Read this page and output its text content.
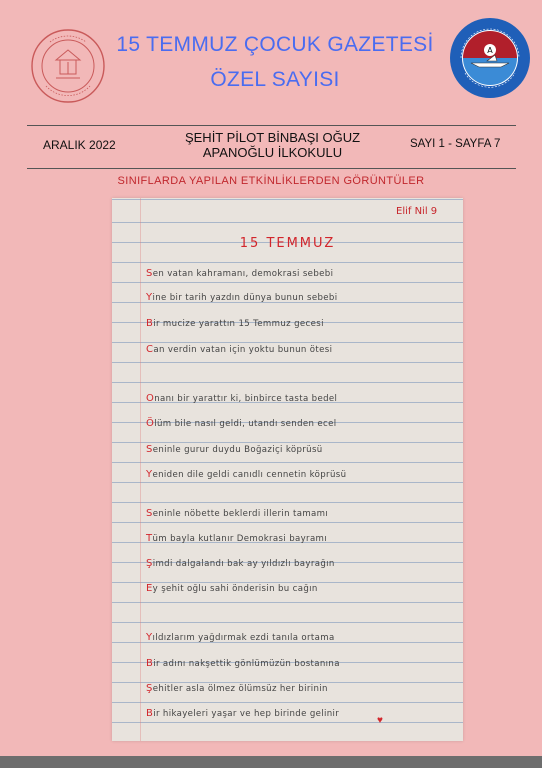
A
15 TEMMUZ ÇOCUK GAZETESİ
ÖZEL SAYISI
ARALIK 2022	ŞEHİT PİLOT BİNBAŞI OĞUZ
APANOĞLU İLKOKULU
SAYI 1 - SAYFA 7
SINIFLARDA YAPILAN ETKİNLİKLERDEN GÖRÜNTÜLER
Elif Nil 9
15 TEMMUZ
Sen vatan kahramanı, demokrasi sebebi
Yine bir tarih yazdın dünya bunun sebebi
Bir mucize yarattın 15 Temmuz gecesi
Can verdin vatan için yoktu bunun ötesi
Onanı bir yarattır ki, binbirce tasta bedel
Ölüm bile nasıl geldi, utandı senden ecel
Seninle gurur duydu Boğaziçi köprüsü
Yeniden dile geldi canıdlı cennetin köprüsü
Seninle nöbette beklerdi illerin tamamı
Tüm bayla kutlanır Demokrasi bayramı
Şimdi dalgalandı bak ay yıldızlı bayrağın
Ey şehit oğlu sahi önderisin bu cağın
Yıldızlarım yağdırmak ezdi tanıla ortama
Bir adını nakşettik gönlümüzün bostanına
Şehitler asla ölmez ölümsüz her birinin
Bir hikayeleri yaşar ve hep birinde gelinir
♥
